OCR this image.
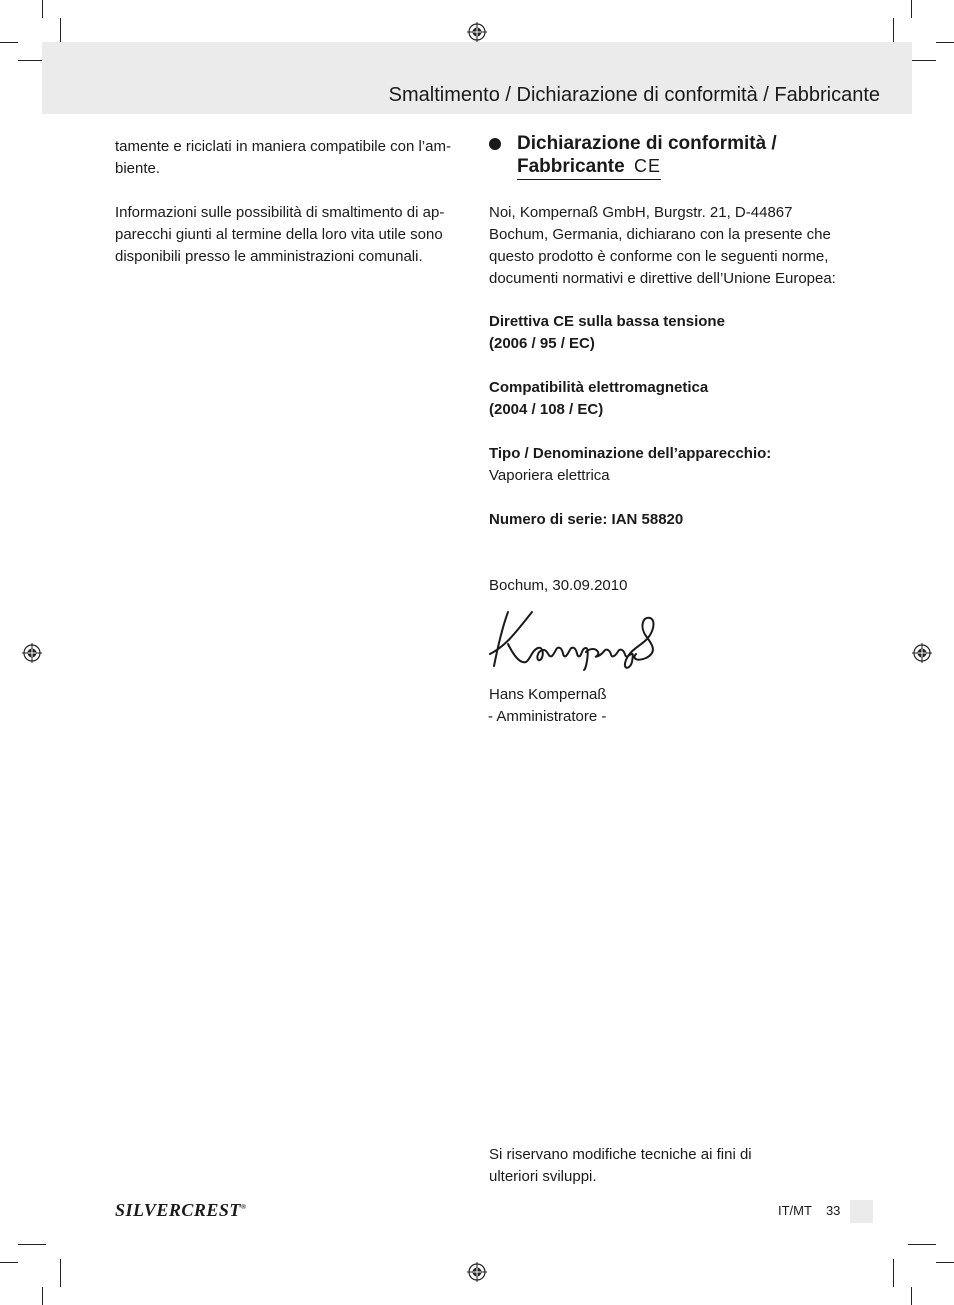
Smaltimento / Dichiarazione di conformità / Fabbricante

tamente e riciclati in maniera compatibile con l’am-

biente.

Informazioni sulle possibilità di smaltimento di ap-

parecchi giunti al termine della loro vita utile sono

disponibili presso le amministrazioni comunali.

Dichiarazione di conformità /
Fabbricante CE

Noi, Kompernaß GmbH, Burgstr. 21, D-44867

Bochum, Germania, dichiarano con la presente che

questo prodotto è conforme con le seguenti norme,

documenti normativi e direttive dell’Unione Europea:

Direttiva CE sulla bassa tensione

(2006 / 95 / EC)

Compatibilità elettromagnetica

(2004 / 108 / EC)

Tipo / Denominazione dell’apparecchio:

Vaporiera elettrica

Numero di serie: IAN 58820
Bochum, 30.09.2010

Hans Kompernaß

- Amministratore -

Si riservano modifiche tecniche ai fini di

ulteriori sviluppi.

SILVERCREST®	IT/MT 33
